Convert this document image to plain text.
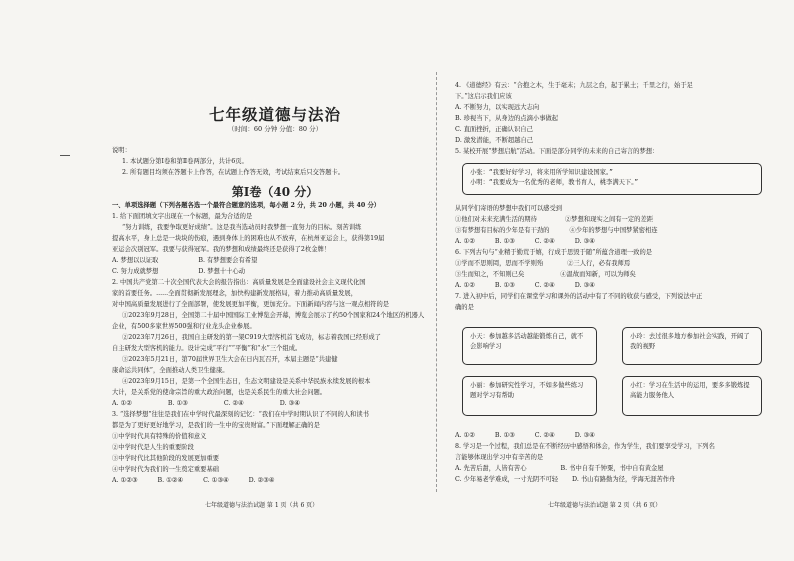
七年级道德与法治
（时间：60 分钟 分值：80 分）
说明：
1. 本试题分第Ⅰ卷和第Ⅱ卷两部分，共计6页。
2. 所有题目均须在答题卡上作答，在试题上作答无效，考试结束后只交答题卡。
第Ⅰ卷（40 分）
一、单项选择题（下列各题各选一个最符合题意的选项，每小题 2 分，共 20 小题，共 40 分）
1. 给下面团填文字出现在一个标题，最为合适的是
“努力训练，我要争取更好成绩”。这是我当选动员时我梦想一直努力的目标。刻苦训练
提高水平，身上总是一块块的伤痕，遇到身体上的困难也从不放弃，在杭州亚运会上，获得第19届
亚运会次别冠军。我要与获得冠军。我的梦想和成绩最终还是获得了2枚金牌！
A. 梦想以以证取                    B. 有梦想要会有希望
C. 努力成就梦想                    D. 梦想十十心动
2. 中国共产党第二十次全国代表大会的报告指出：高质量发展是全面建设社会主义现代化国
家的首要任务。......全面贯彻新发展理念，加快构建新发展格局，着力推动高质量发展，
对中国高质量发展进行了全面部署，使发展更加平衡，更加充分。下面新闻内容与这一观点相符的是
①2023年9月28日，全国第二十届中国国际工业博览会开幕，博览会展示了约50个国家和24个地区的机器人
企业，有500多家世界500强和行业龙头企业参展。
②2023年7月26日，我国自主研发的第一架C919大型客机首飞成功，标志着我国已经形成了
自主研发大型客机的能力。设计完成“平行”“平衡”和“水”三个组成。
③2023年5月21日，第70届世界卫生大会在日内瓦召开，本届主题是“共建健
康命运共同体”，全面推动人类卫生健康。
④2023年9月15日，是第一个全国生态日，生态文明建设是关系中华民族永续发展的根本
大计，是关系党的使命宗旨的重大政治问题，也是关系民生的重大社会问题。
A. ①②                  B. ①③                  C. ②④                  D. ③④
3. “选择梦想”往往是我们在中学时代最深刻的记忆：“我们在中学时期认识了不同的人和读书
都是为了更好更好地学习，是我们的一生中的宝贵财富。”下面理解正确的是
①中学时代具有特殊的价值和意义
②中学时代是人生的重要阶段
③中学时代比其他阶段的发展更加重要
④中学时代为我们的一生奠定重要基础
A. ①②③          B. ①②④          C. ①③④          D. ②③④
七年级道德与法治试题 第 1 页（共 6 页）
4. 《道德经》有云：“合抱之木，生于毫末；九层之台，起于累土；千里之行，始于足
下。”这启示我们应该
A. 不断努力，以实现远大志向
B. 珍视当下，从身边的点滴小事做起
C. 直面挫折，正确认识自己
D. 激发潜能，不断超越自己
5. 某校开展“梦想启航”活动。下面是部分同学的未来的自己寄言的梦想：
小张：“我要好好学习，将来用所学知识建设国家。”
小明：“我要成为一名优秀的老师，教书育人，桃李满天下。”
从同学们寄语的梦想中我们可以感受到
①他们对未来充满生活的期待              ②梦想和现实之间有一定的差距
③有梦想有目标的少年是有干劲的          ④少年的梦想与中国梦紧密相连
A. ①②          B. ①③          C. ②④          D. ③④
6. 下列古句与“业精于勤荒于嬉，行成于思毁于随”所蕴含道理一致的是
①学而不思则罔，思而不学则殆            ②三人行，必有我师焉
③生而知之，不知则已矣                  ④温故而知新，可以为师矣
A. ①②          B. ①③          C. ②④          D. ③④
7. 进入初中后，同学们在课堂学习和课外的活动中有了不同的收获与感受，下列说法中正
确的是
小天：参加越多活动越能锻炼自己，就不会影响学习
小玲：去过很多地方参加社会实践，开阔了我的视野
小丽：参加研究性学习，不如多做些练习题对学习有帮助
小红：学习在生活中的运用，要多多锻炼提高能力服务他人
A. ①②          B. ①③          C. ②④          D. ③④
8. 学习是一个过程，我们总是在不断经历中感悟和体会，作为学生，我们要享受学习，下列名
言能够体现出学习中有辛苦的是
A. 先苦后甜，人皆有苦心                 B. 书中自有千钟粟，书中自有黄金屋
C. 少年易老学难成，一寸光阴不可轻       D. 书山有路勤为径，学海无涯苦作舟
七年级道德与法治试题 第 2 页（共 6 页）
